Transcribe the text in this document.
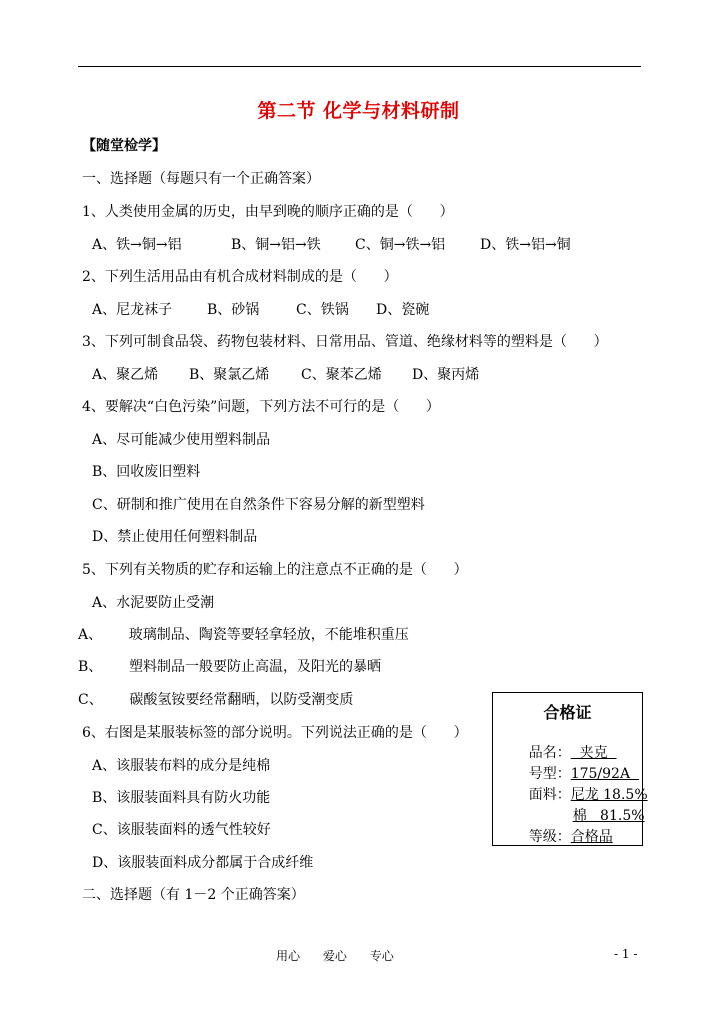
第二节 化学与材料研制
【随堂检学】
一、选择题（每题只有一个正确答案）
1、人类使用金属的历史，由早到晚的顺序正确的是（      ）
A、铁→铜→铝	B、铜→铝→铁 C、铜→铁→铝 D、铁→铝→铜
2、下列生活用品由有机合成材料制成的是（      ）
A、尼龙袜子 B、砂锅	C、铁锅 D、瓷碗
3、下列可制食品袋、药物包装材料、日常用品、管道、绝缘材料等的塑料是（      ）
A、聚乙烯 B、聚氯乙烯 C、聚苯乙烯 D、聚丙烯
4、要解决“白色污染”问题，下列方法不可行的是（      ）
A、尽可能减少使用塑料制品
B、回收废旧塑料
C、研制和推广使用在自然条件下容易分解的新型塑料
D、禁止使用任何塑料制品
5、下列有关物质的贮存和运输上的注意点不正确的是（      ）
A、水泥要防止受潮
A、      玻璃制品、陶瓷等要轻拿轻放，不能堆积重压
B、      塑料制品一般要防止高温，及阳光的暴晒
C、      碳酸氢铵要经常翻晒，以防受潮变质
6、右图是某服装标签的部分说明。下列说法正确的是（      ）
A、该服装布料的成分是纯棉
B、该服装面料具有防火功能
C、该服装面料的透气性较好
D、该服装面料成分都属于合成纤维
二、选择题（有 1－2 个正确答案）
合格证

品名：  夹克

号型：175/92A

面料：尼龙 18.5%

棉   81.5%

等级：合格品

用心      爱心      专心	- 1 -
